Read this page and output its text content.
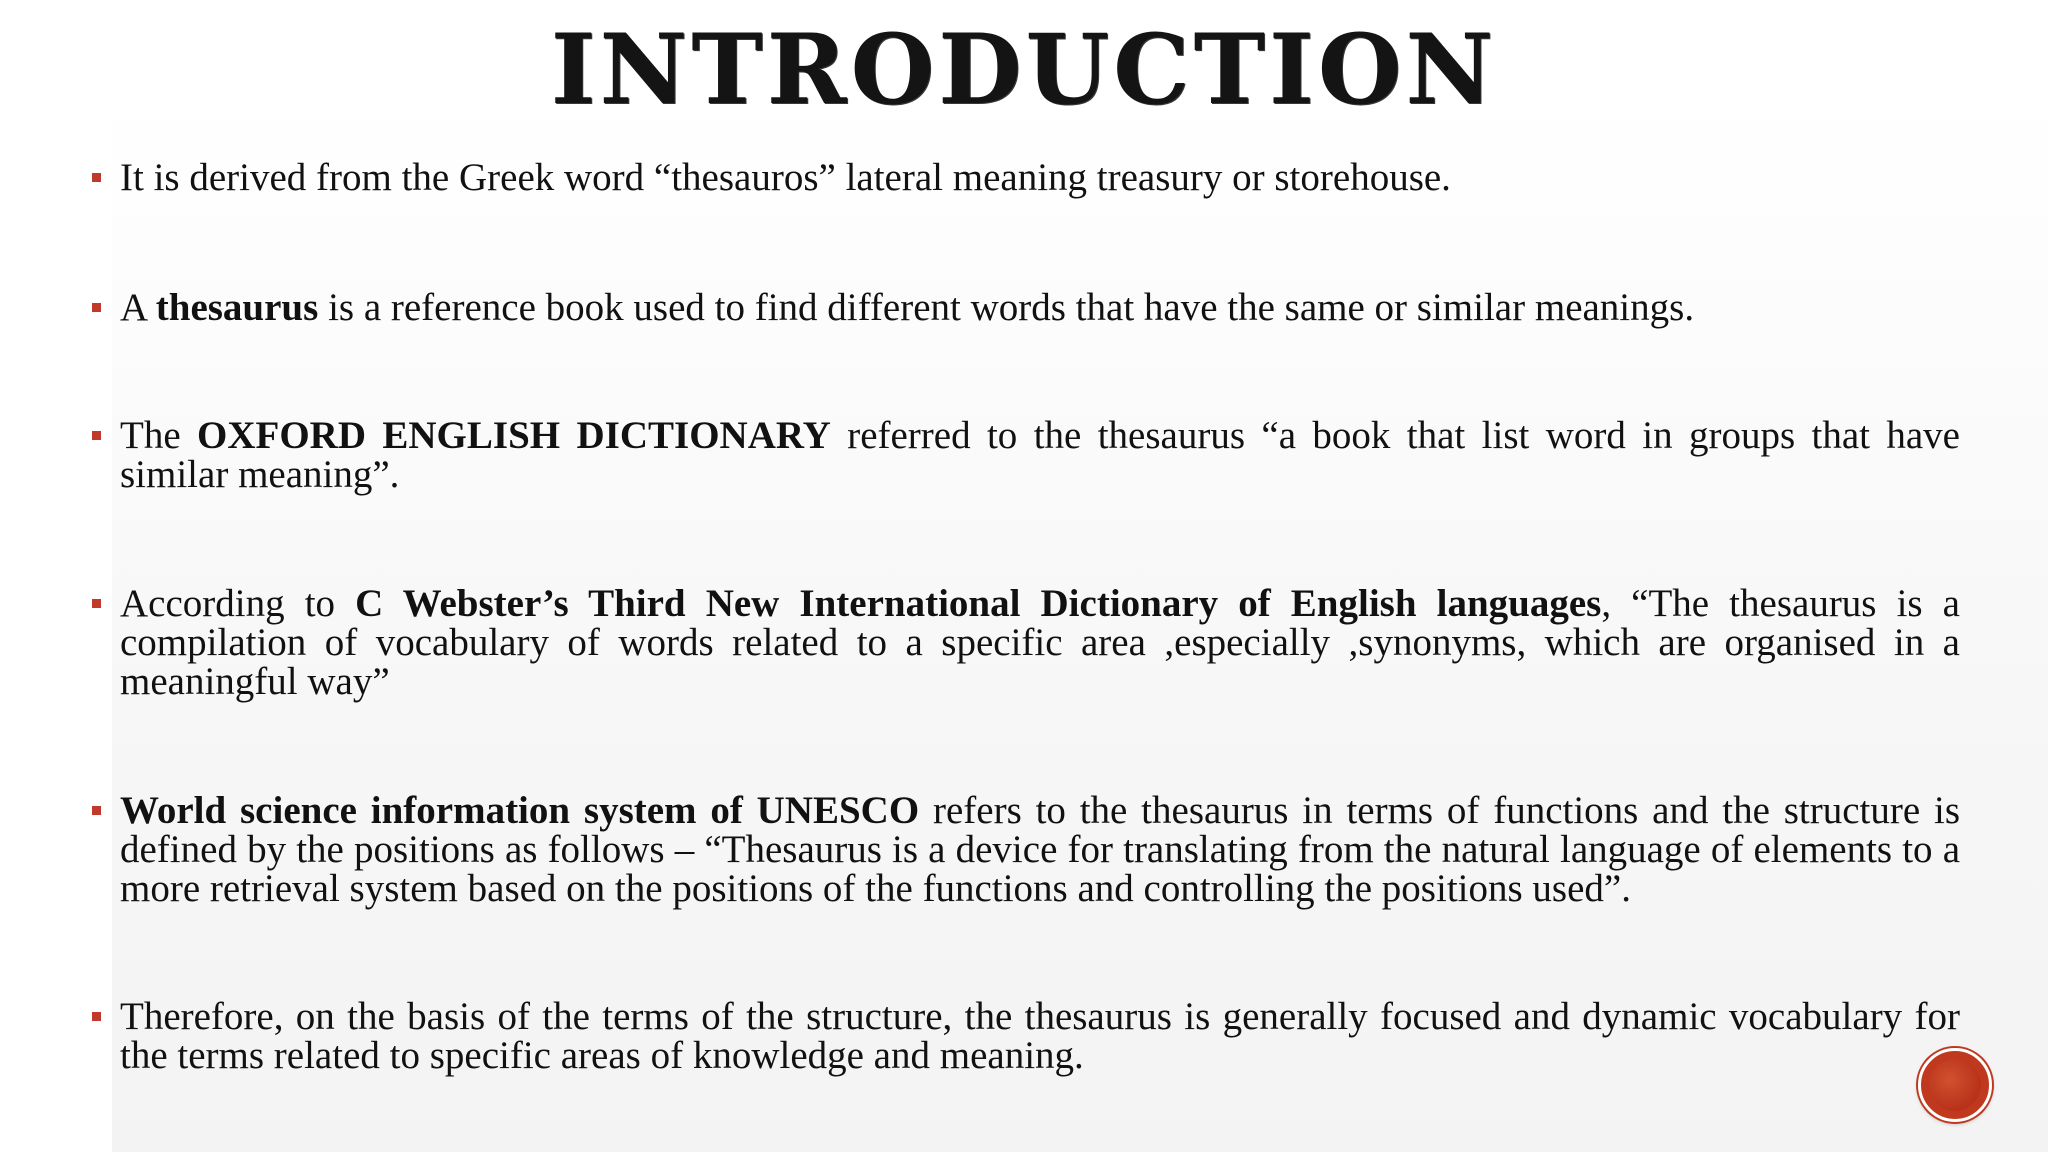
INTRODUCTION
It is derived from the Greek word “thesauros” lateral meaning treasury or storehouse.
A thesaurus is a reference book used to find different words that have the same or similar meanings.
The OXFORD ENGLISH DICTIONARY referred to the thesaurus “a book that list word in groups that have similar meaning”.
According to C Webster’s Third New International Dictionary of English languages, “The thesaurus is a compilation of vocabulary of words related to a specific area ,especially ,synonyms, which are organised in a meaningful way”
World science information system of UNESCO refers to the thesaurus in terms of functions and the structure is defined by the positions as follows – “Thesaurus is a device for translating from the natural language of elements to a more retrieval system based on the positions of the functions and controlling the positions used”.
Therefore, on the basis of the terms of the structure, the thesaurus is generally focused and dynamic vocabulary for the terms related to specific areas of knowledge and meaning.
